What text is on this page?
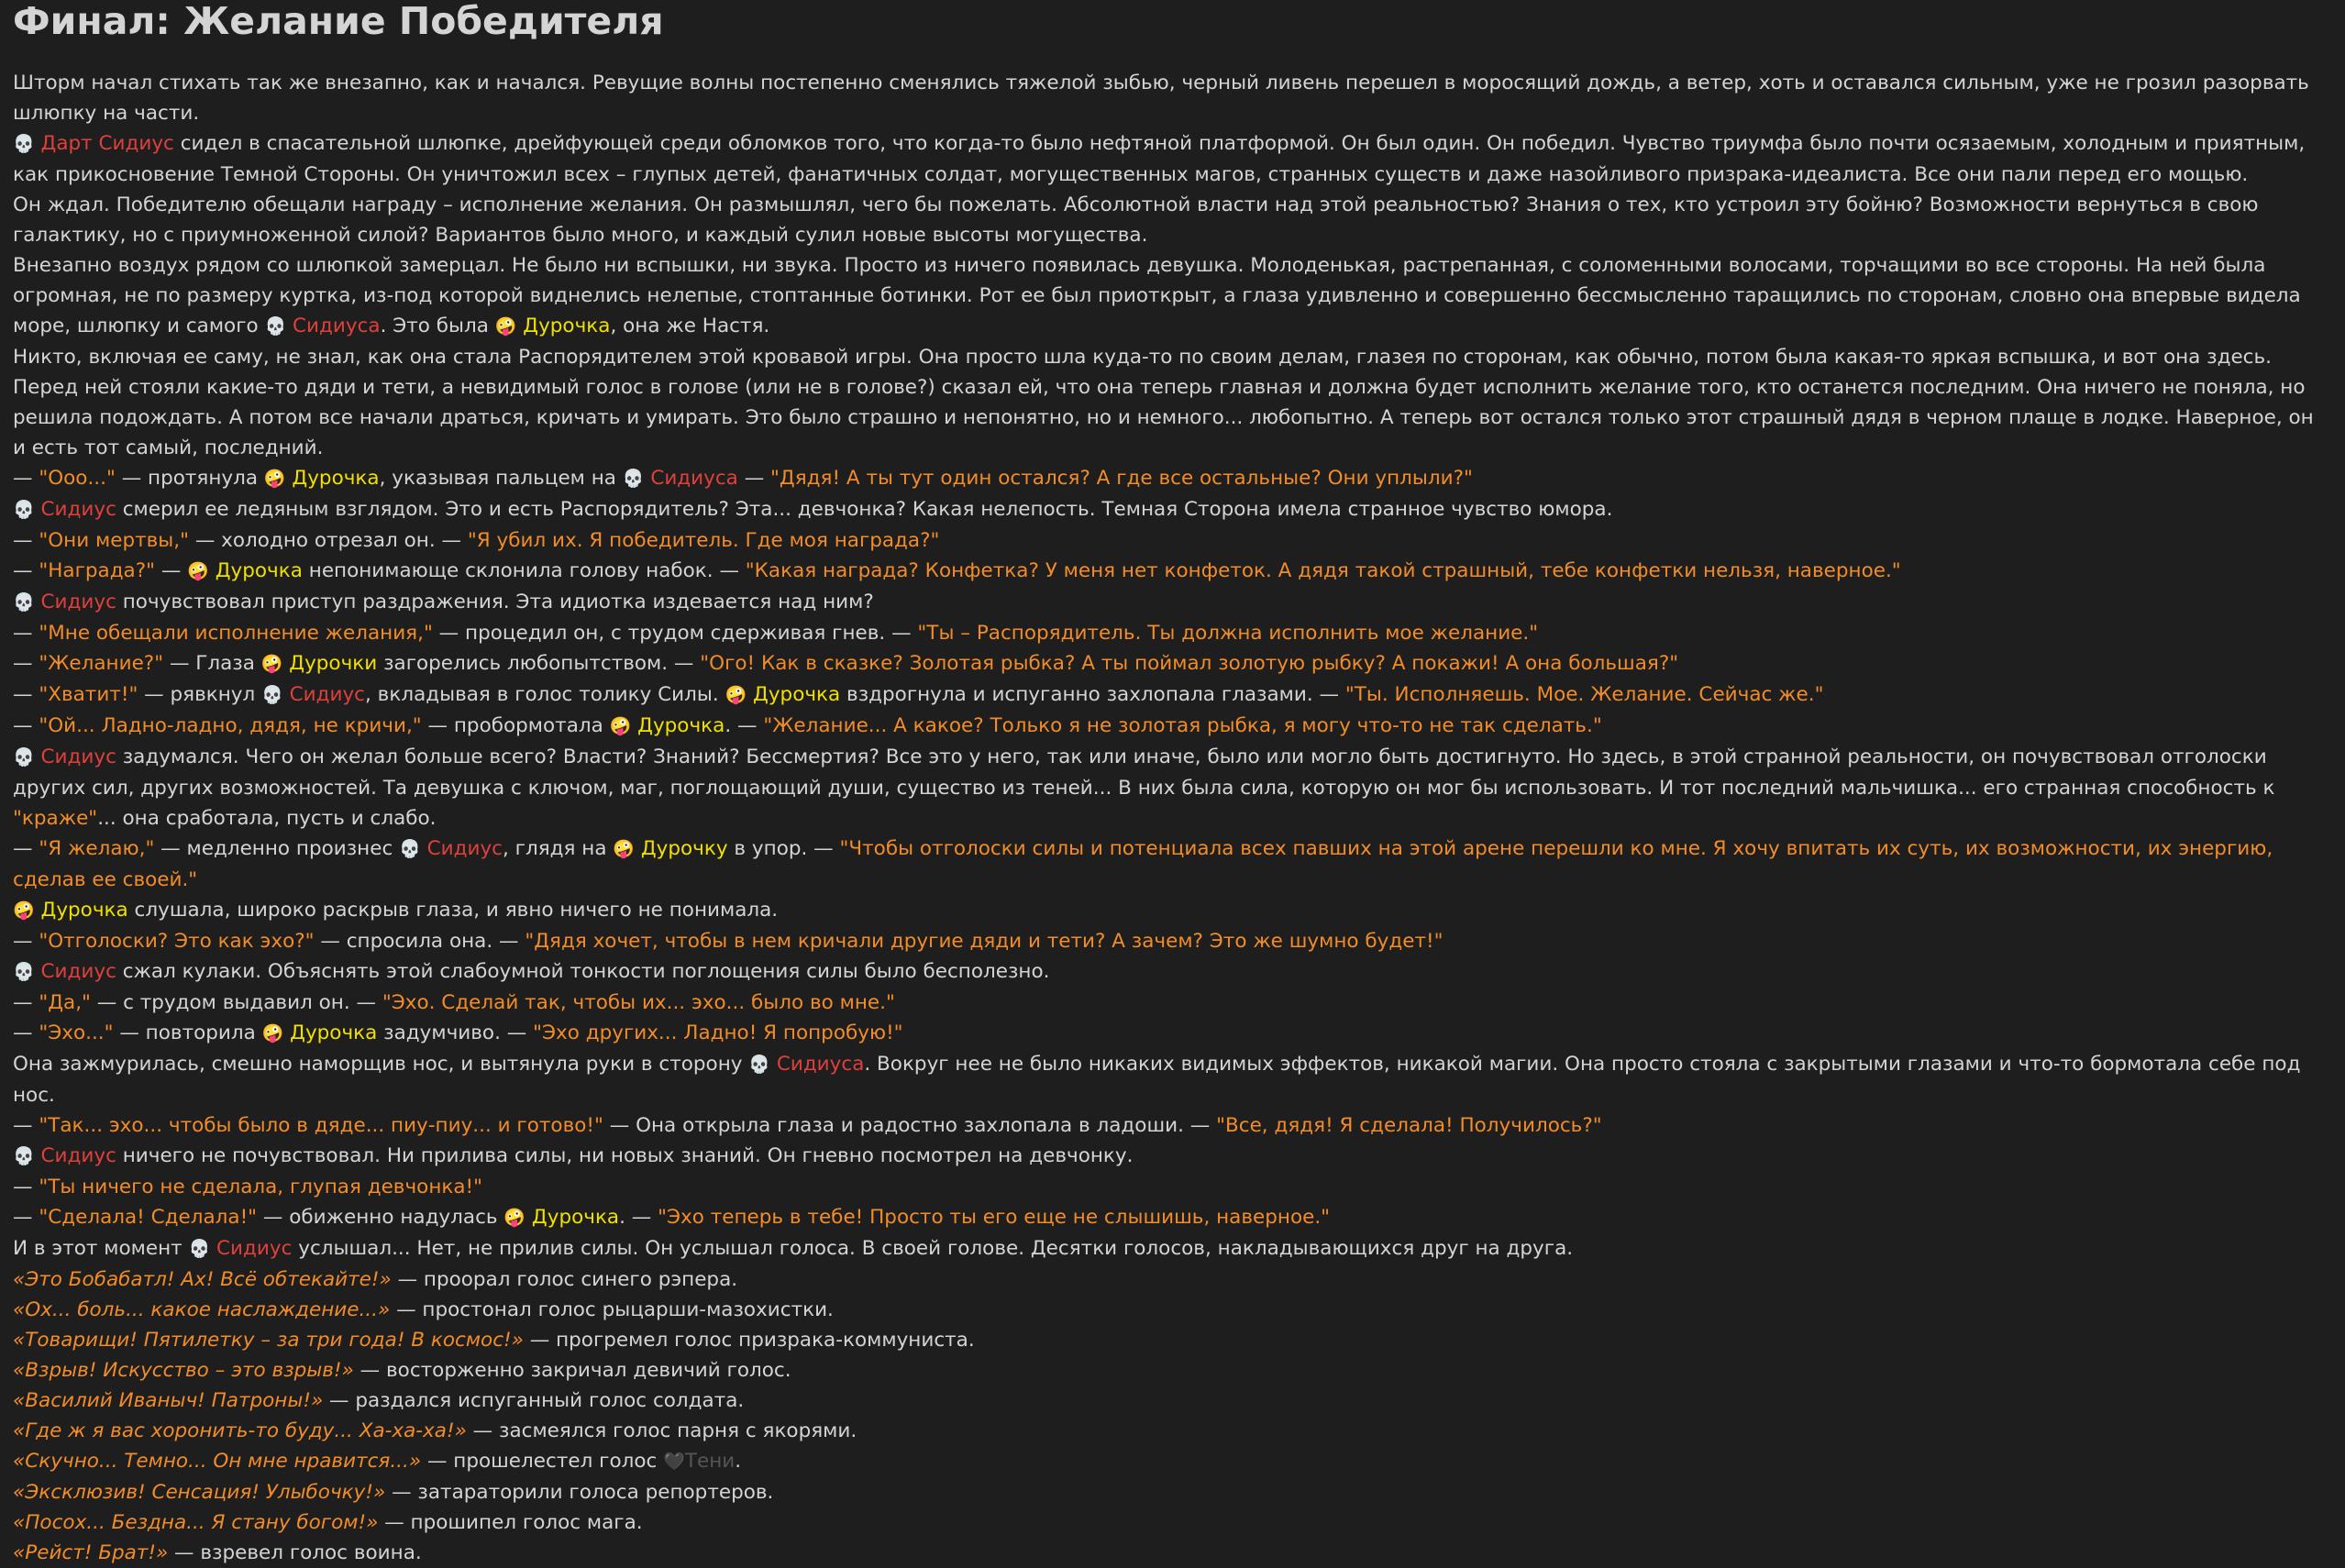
Финал: Желание Победителя

Шторм начал стихать так же внезапно, как и начался. Ревущие волны постепенно сменялись тяжелой зыбью, черный ливень перешел в моросящий дождь, а ветер, хоть и оставался сильным, уже не грозил разорвать шлюпку на части.
💀 Дарт Сидиус сидел в спасательной шлюпке, дрейфующей среди обломков того, что когда-то было нефтяной платформой. Он был один. Он победил. Чувство триумфа было почти осязаемым, холодным и приятным, как прикосновение Темной Стороны. Он уничтожил всех – глупых детей, фанатичных солдат, могущественных магов, странных существ и даже назойливого призрака-идеалиста. Все они пали перед его мощью.

Он ждал. Победителю обещали награду – исполнение желания. Он размышлял, чего бы пожелать. Абсолютной власти над этой реальностью? Знания о тех, кто устроил эту бойню? Возможности вернуться в свою галактику, но с приумноженной силой? Вариантов было много, и каждый сулил новые высоты могущества.

Внезапно воздух рядом со шлюпкой замерцал. Не было ни вспышки, ни звука. Просто из ничего появилась девушка. Молоденькая, растрепанная, с соломенными волосами, торчащими во все стороны. На ней была огромная, не по размеру куртка, из-под которой виднелись нелепые, стоптанные ботинки. Рот ее был приоткрыт, а глаза удивленно и совершенно бессмысленно таращились по сторонам, словно она впервые видела море, шлюпку и самого 💀 Сидиуса. Это была 🤪 Дурочка, она же Настя.

Никто, включая ее саму, не знал, как она стала Распорядителем этой кровавой игры. Она просто шла куда-то по своим делам, глазея по сторонам, как обычно, потом была какая-то яркая вспышка, и вот она здесь. Перед ней стояли какие-то дяди и тети, а невидимый голос в голове (или не в голове?) сказал ей, что она теперь главная и должна будет исполнить желание того, кто останется последним. Она ничего не поняла, но решила подождать. А потом все начали драться, кричать и умирать. Это было страшно и непонятно, но и немного... любопытно. А теперь вот остался только этот страшный дядя в черном плаще в лодке. Наверное, он и есть тот самый, последний.

— "Ооо..." — протянула 🤪 Дурочка, указывая пальцем на 💀 Сидиуса — "Дядя! А ты тут один остался? А где все остальные? Они уплыли?"

💀 Сидиус смерил ее ледяным взглядом. Это и есть Распорядитель? Эта... девчонка? Какая нелепость. Темная Сторона имела странное чувство юмора.

— "Они мертвы," — холодно отрезал он. — "Я убил их. Я победитель. Где моя награда?"

— "Награда?" — 🤪 Дурочка непонимающе склонила голову набок. — "Какая награда? Конфетка? У меня нет конфеток. А дядя такой страшный, тебе конфетки нельзя, наверное."

💀 Сидиус почувствовал приступ раздражения. Эта идиотка издевается над ним?

— "Мне обещали исполнение желания," — процедил он, с трудом сдерживая гнев. — "Ты – Распорядитель. Ты должна исполнить мое желание."

— "Желание?" — Глаза 🤪 Дурочки загорелись любопытством. — "Ого! Как в сказке? Золотая рыбка? А ты поймал золотую рыбку? А покажи! А она большая?"

— "Хватит!" — рявкнул 💀 Сидиус, вкладывая в голос толику Силы. 🤪 Дурочка вздрогнула и испуганно захлопала глазами. — "Ты. Исполняешь. Мое. Желание. Сейчас же."

— "Ой... Ладно-ладно, дядя, не кричи," — пробормотала 🤪 Дурочка. — "Желание... А какое? Только я не золотая рыбка, я могу что-то не так сделать."

💀 Сидиус задумался. Чего он желал больше всего? Власти? Знаний? Бессмертия? Все это у него, так или иначе, было или могло быть достигнуто. Но здесь, в этой странной реальности, он почувствовал отголоски других сил, других возможностей. Та девушка с ключом, маг, поглощающий души, существо из теней... В них была сила, которую он мог бы использовать. И тот последний мальчишка... его странная способность к "краже"... она сработала, пусть и слабо.

— "Я желаю," — медленно произнес 💀 Сидиус, глядя на 🤪 Дурочку в упор. — "Чтобы отголоски силы и потенциала всех павших на этой арене перешли ко мне. Я хочу впитать их суть, их возможности, их энергию, сделав ее своей."

🤪 Дурочка слушала, широко раскрыв глаза, и явно ничего не понимала.

— "Отголоски? Это как эхо?" — спросила она. — "Дядя хочет, чтобы в нем кричали другие дяди и тети? А зачем? Это же шумно будет!"

💀 Сидиус сжал кулаки. Объяснять этой слабоумной тонкости поглощения силы было бесполезно.

— "Да," — с трудом выдавил он. — "Эхо. Сделай так, чтобы их... эхо... было во мне."

— "Эхо..." — повторила 🤪 Дурочка задумчиво. — "Эхо других... Ладно! Я попробую!"

Она зажмурилась, смешно наморщив нос, и вытянула руки в сторону 💀 Сидиуса. Вокруг нее не было никаких видимых эффектов, никакой магии. Она просто стояла с закрытыми глазами и что-то бормотала себе под нос.

— "Так... эхо... чтобы было в дяде... пиу-пиу... и готово!" — Она открыла глаза и радостно захлопала в ладоши. — "Все, дядя! Я сделала! Получилось?"

💀 Сидиус ничего не почувствовал. Ни прилива силы, ни новых знаний. Он гневно посмотрел на девчонку.

— "Ты ничего не сделала, глупая девчонка!"

— "Сделала! Сделала!" — обиженно надулась 🤪 Дурочка. — "Эхо теперь в тебе! Просто ты его еще не слышишь, наверное."

И в этот момент 💀 Сидиус услышал... Нет, не прилив силы. Он услышал голоса. В своей голове. Десятки голосов, накладывающихся друг на друга.

«Это Бобабатл! Ах! Всё обтекайте!» — проорал голос синего рэпера.

«Ох... боль... какое наслаждение...» — простонал голос рыцарши-мазохистки.

«Товарищи! Пятилетку – за три года! В космос!» — прогремел голос призрака-коммуниста.

«Взрыв! Искусство – это взрыв!» — восторженно закричал девичий голос.

«Василий Иваныч! Патроны!» — раздался испуганный голос солдата.

«Где ж я вас хоронить-то буду... Ха-ха-ха!» — засмеялся голос парня с якорями.

«Скучно... Темно... Он мне нравится...» — прошелестел голос 🖤Тени.

«Эксклюзив! Сенсация! Улыбочку!» — затараторили голоса репортеров.

«Посох... Бездна... Я стану богом!» — прошипел голос мага.

«Рейст! Брат!» — взревел голос воина.
